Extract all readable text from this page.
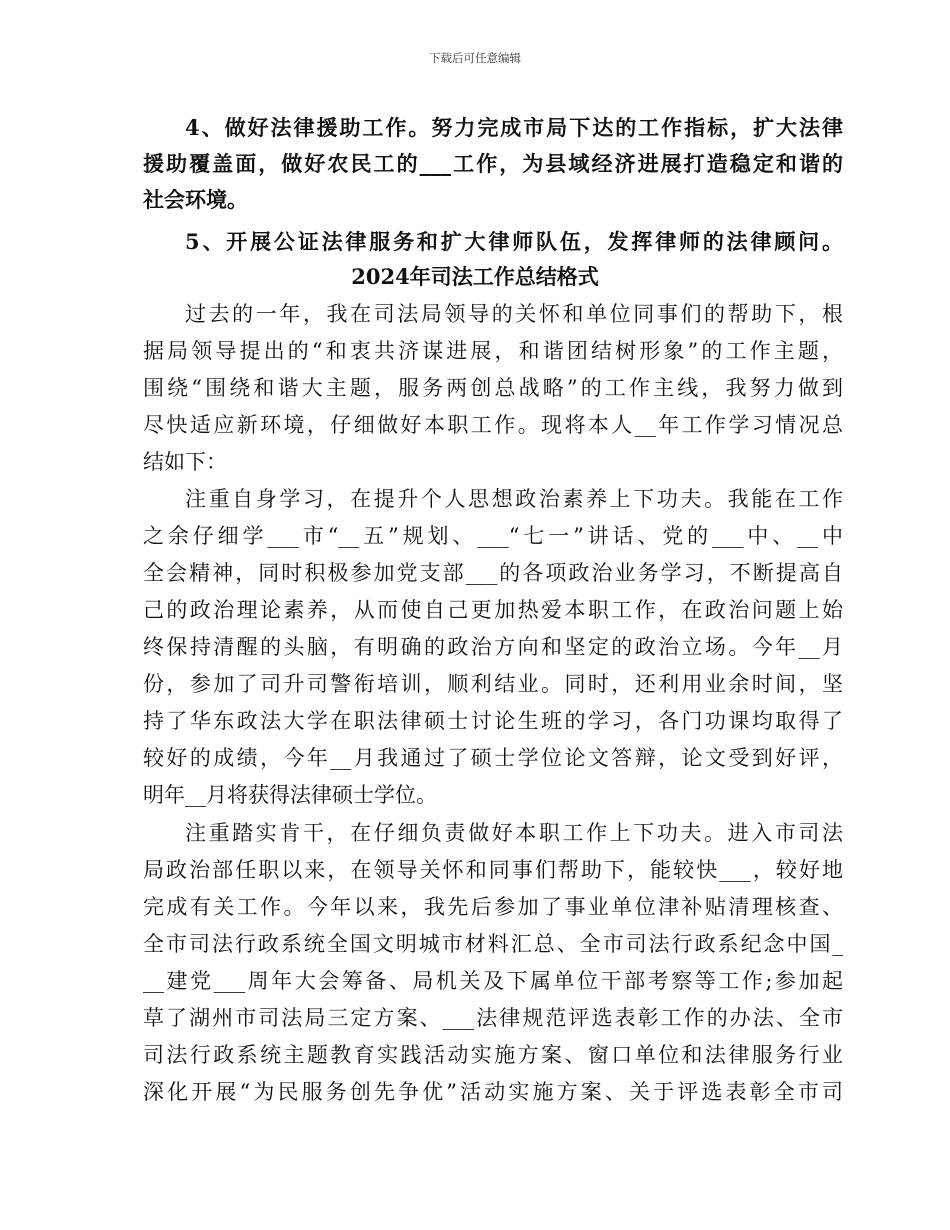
下载后可任意编辑
4、做好法律援助工作。努力完成市局下达的工作指标，扩大法律
援助覆盖面，做好农民工的___工作，为县域经济进展打造稳定和谐的
社会环境。
5、开展公证法律服务和扩大律师队伍，发挥律师的法律顾问。
2024年司法工作总结格式
过去的一年，我在司法局领导的关怀和单位同事们的帮助下，根
据局领导提出的“和衷共济谋进展，和谐团结树形象”的工作主题，
围绕“围绕和谐大主题，服务两创总战略”的工作主线，我努力做到
尽快适应新环境，仔细做好本职工作。现将本人__年工作学习情况总
结如下：
注重自身学习，在提升个人思想政治素养上下功夫。我能在工作
之余仔细学___市“__五”规划、___“七一”讲话、党的___中、__中
全会精神，同时积极参加党支部___的各项政治业务学习，不断提高自
己的政治理论素养，从而使自己更加热爱本职工作，在政治问题上始
终保持清醒的头脑，有明确的政治方向和坚定的政治立场。今年__月
份，参加了司升司警衔培训，顺利结业。同时，还利用业余时间，坚
持了华东政法大学在职法律硕士讨论生班的学习，各门功课均取得了
较好的成绩，今年__月我通过了硕士学位论文答辩，论文受到好评，
明年__月将获得法律硕士学位。
注重踏实肯干，在仔细负责做好本职工作上下功夫。进入市司法
局政治部任职以来，在领导关怀和同事们帮助下，能较快___，较好地
完成有关工作。今年以来，我先后参加了事业单位津补贴清理核查、
全市司法行政系统全国文明城市材料汇总、全市司法行政系纪念中国_
__建党___周年大会筹备、局机关及下属单位干部考察等工作;参加起
草了湖州市司法局三定方案、___法律规范评选表彰工作的办法、全市
司法行政系统主题教育实践活动实施方案、窗口单位和法律服务行业
深化开展“为民服务创先争优”活动实施方案、关于评选表彰全市司
